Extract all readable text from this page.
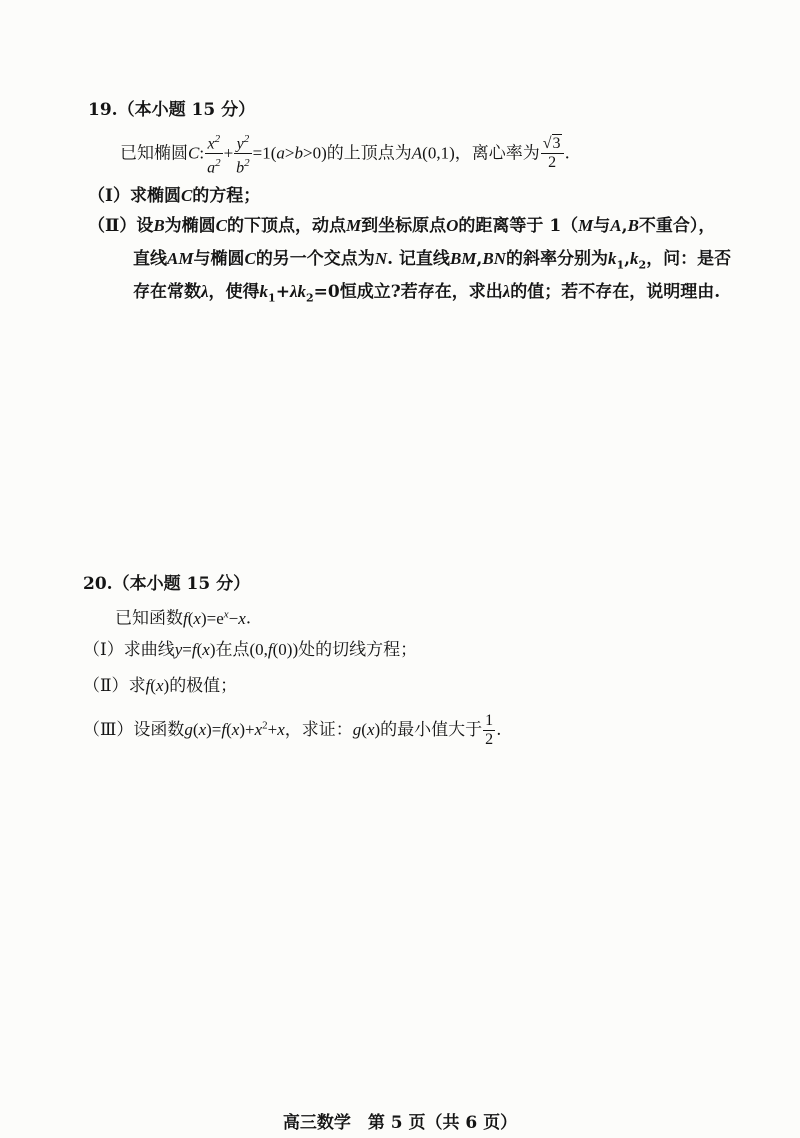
19.（本小题 15 分）
已知椭圆C: $\frac{x^2}{a^2} + \frac{y^2}{b^2} =1(a>b>0)$的上顶点为A(0,1)，离心率为 $\frac{√3}{2}$ .
（Ⅰ）求椭圆C的方程；
（Ⅱ）设B为椭圆C的下顶点，动点M到坐标原点O的距离等于 1（M与A,B不重合），
直线AM与椭圆C的另一个交点为N. 记直线BM,BN的斜率分别为$k_1,k_2$，问：是否
存在常数λ，使得$k_1+\lambda k_2=0$恒成立?若存在，求出λ的值；若不存在，说明理由.
20.（本小题 15 分）
已知函数$f(x)=e^x-x$.
（Ⅰ）求曲线y=f(x)在点(0,f(0))处的切线方程；
（Ⅱ）求f(x)的极值；
（Ⅲ）设函数$g(x)=f(x)+x^2+x$，求证：g(x)的最小值大于 $\frac{1}{2}$ .
高三数学　第 5 页（共 6 页）
